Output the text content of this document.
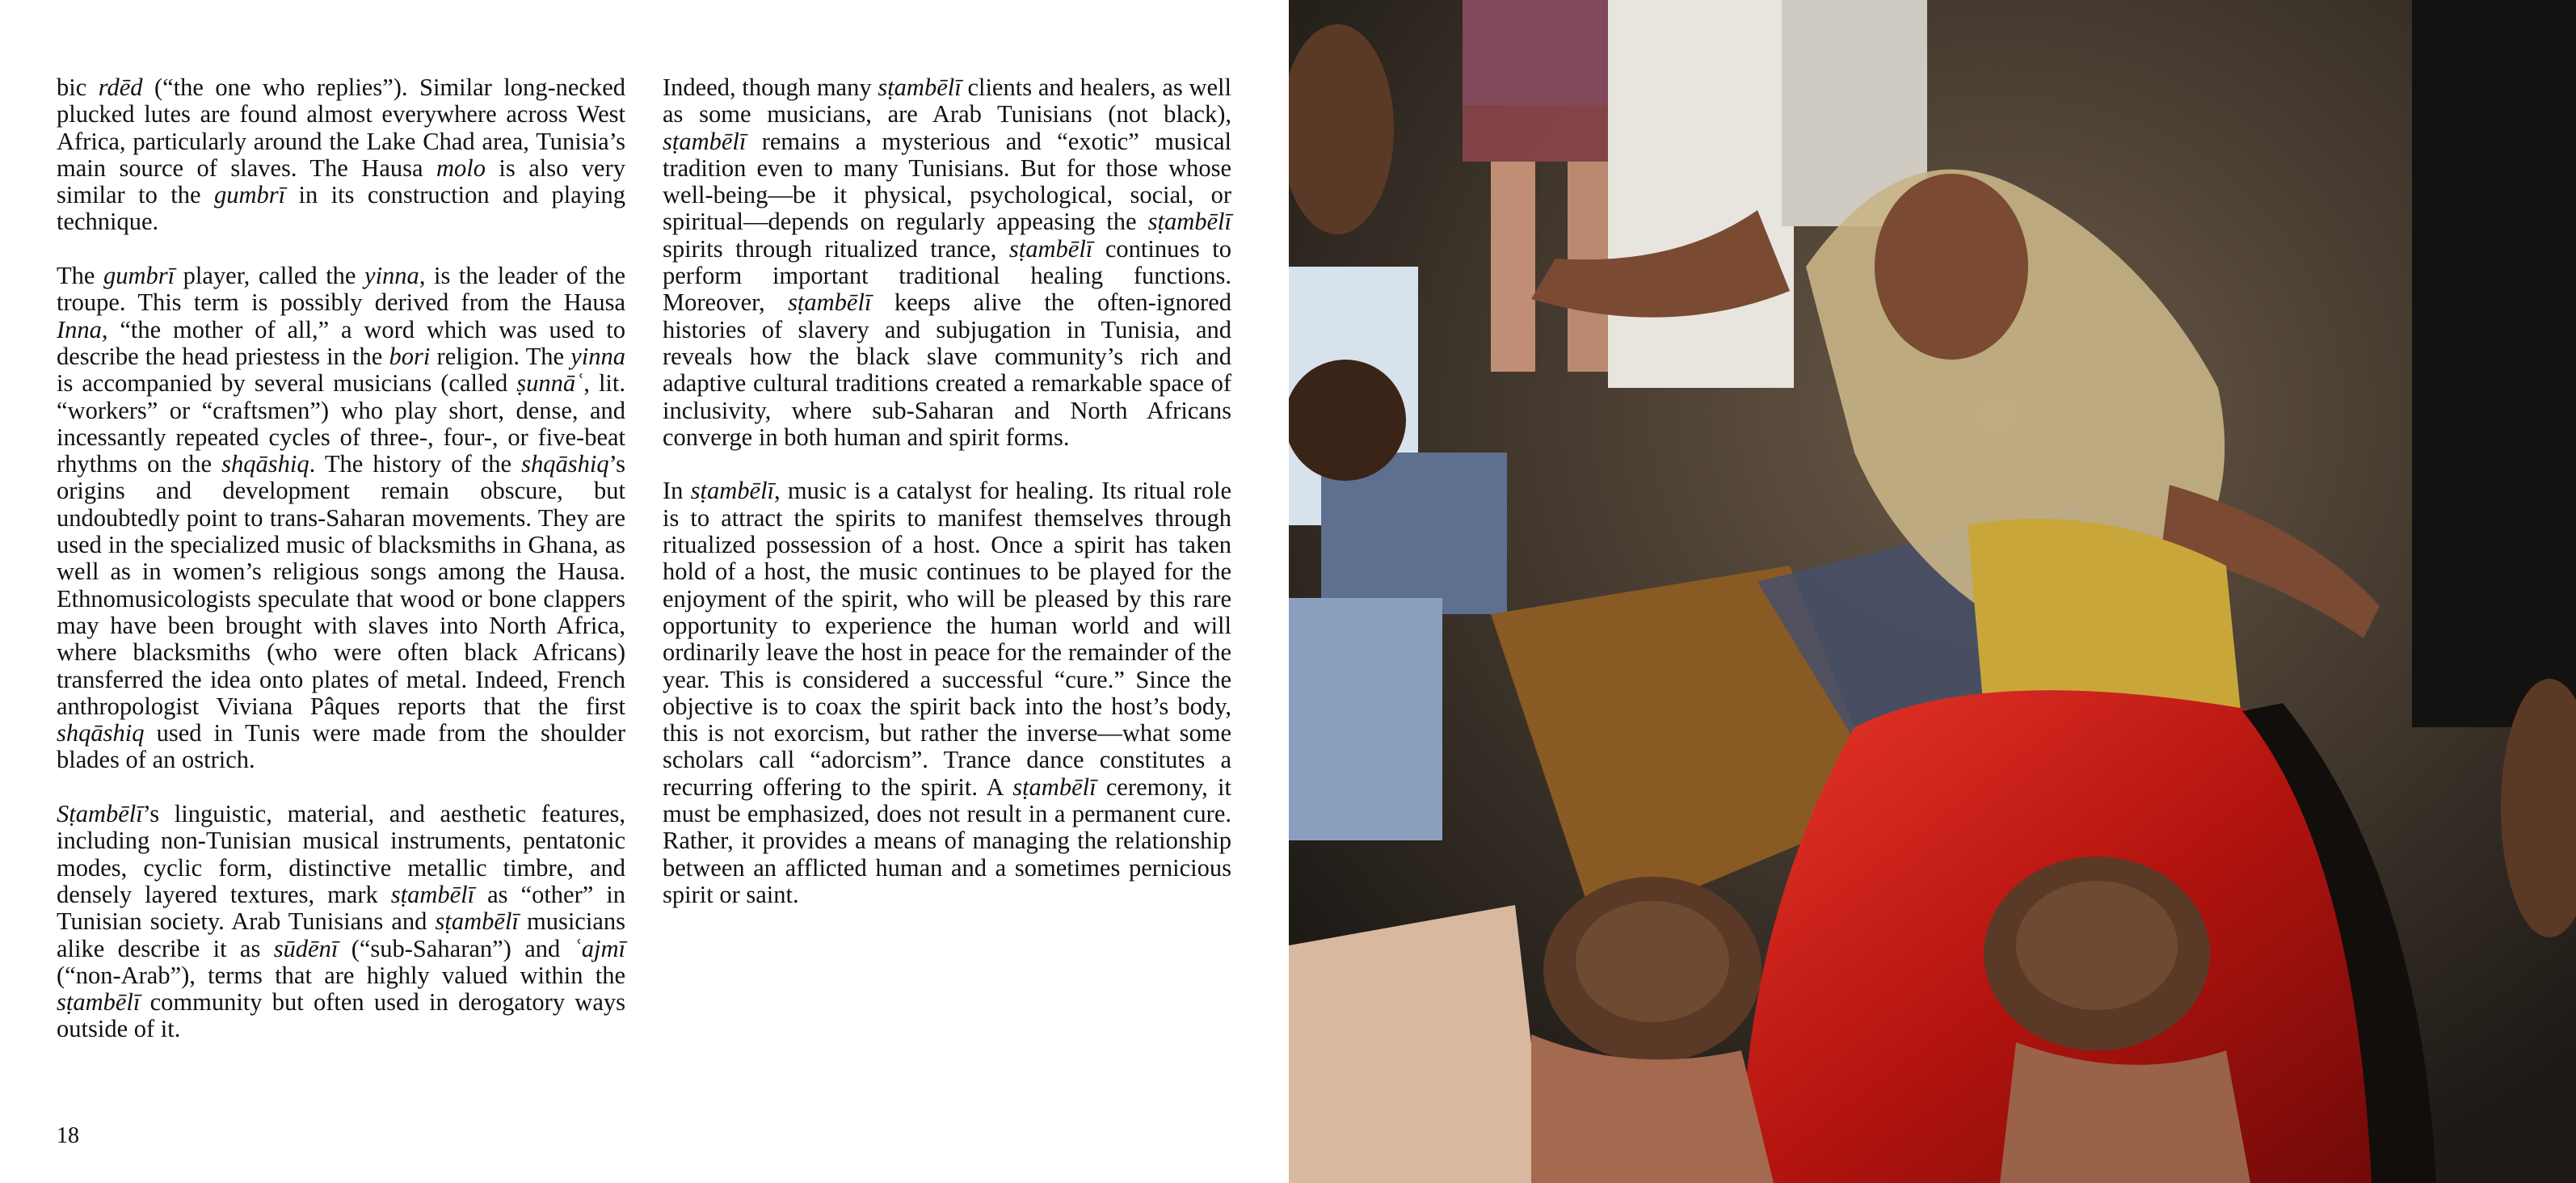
bic rdēd (“the one who replies”). Similar long-necked plucked lutes are found almost everywhere across West Africa, particularly around the Lake Chad area, Tunisia’s main source of slaves. The Hausa molo is also very similar to the gumbrī in its construction and playing technique.

The gumbrī player, called the yinna, is the leader of the troupe. This term is possibly derived from the Hausa Inna, “the mother of all,” a word which was used to describe the head priestess in the bori religion. The yinna is accompanied by several musicians (called ṣunnāʿ, lit. “workers” or “craftsmen”) who play short, dense, and incessantly repeated cycles of three-, four-, or five-beat rhythms on the shqāshiq. The history of the shqāshiq’s origins and development remain obscure, but undoubtedly point to trans-Saharan movements. They are used in the specialized music of blacksmiths in Ghana, as well as in women’s religious songs among the Hausa. Ethnomusicologists speculate that wood or bone clappers may have been brought with slaves into North Africa, where blacksmiths (who were often black Africans) transferred the idea onto plates of metal. Indeed, French anthropologist Viviana Pâques reports that the first shqāshiq used in Tunis were made from the shoulder blades of an ostrich.

Sṭambēlī’s linguistic, material, and aesthetic features, including non-Tunisian musical instruments, pentatonic modes, cyclic form, distinctive metallic timbre, and densely layered textures, mark sṭambēlī as “other” in Tunisian society. Arab Tunisians and sṭambēlī musicians alike describe it as sūdēnī (“sub-Saharan”) and ʿajmī (“non-Arab”), terms that are highly valued within the sṭambēlī community but often used in derogatory ways outside of it.

Indeed, though many sṭambēlī clients and healers, as well as some musicians, are Arab Tunisians (not black), sṭambēlī remains a mysterious and “exotic” musical tradition even to many Tunisians. But for those whose well-being—be it physical, psychological, social, or spiritual—depends on regularly appeasing the sṭambēlī spirits through ritualized trance, sṭambēlī continues to perform important traditional healing functions. Moreover, sṭambēlī keeps alive the often-ignored histories of slavery and subjugation in Tunisia, and reveals how the black slave community’s rich and adaptive cultural traditions created a remarkable space of inclusivity, where sub-Saharan and North Africans converge in both human and spirit forms.

In sṭambēlī, music is a catalyst for healing. Its ritual role is to attract the spirits to manifest themselves through ritualized possession of a host. Once a spirit has taken hold of a host, the music continues to be played for the enjoyment of the spirit, who will be pleased by this rare opportunity to experience the human world and will ordinarily leave the host in peace for the remainder of the year. This is considered a successful “cure.” Since the objective is to coax the spirit back into the host’s body, this is not exorcism, but rather the inverse—what some scholars call “adorcism”. Trance dance constitutes a recurring offering to the spirit. A sṭambēlī ceremony, it must be emphasized, does not result in a permanent cure. Rather, it provides a means of managing the relationship between an afflicted human and a sometimes pernicious spirit or saint.

18
